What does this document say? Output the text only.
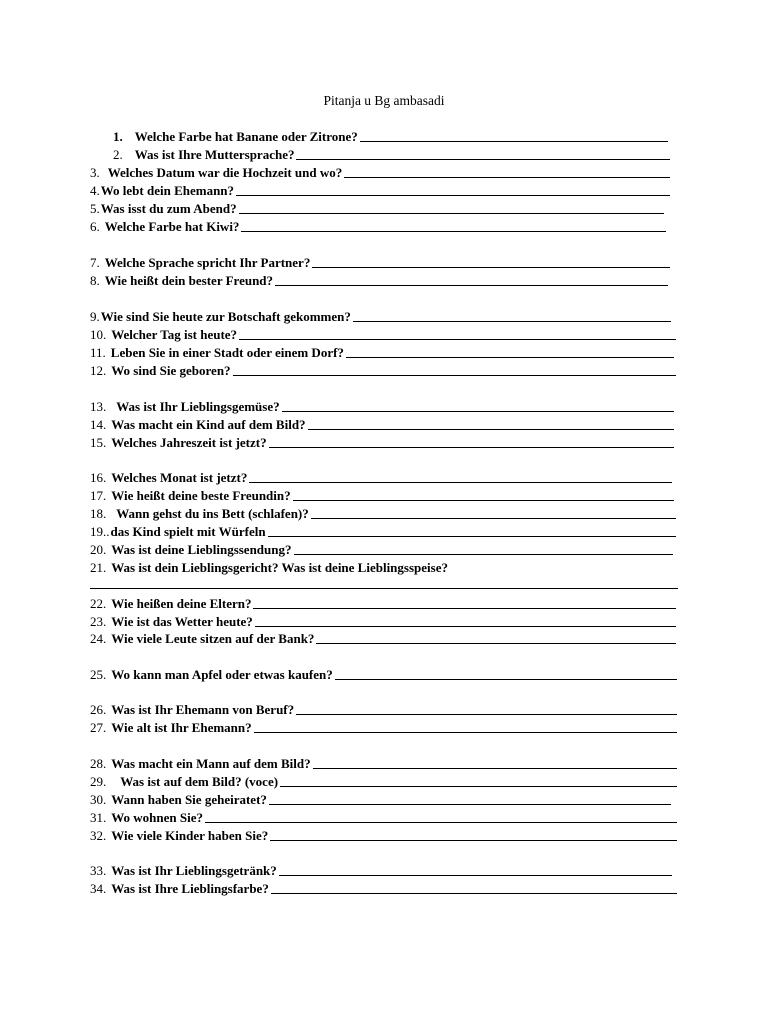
Pitanja u Bg ambasadi
1. Welche Farbe hat Banane oder Zitrone?
2. Was ist Ihre Muttersprache?
3. Welches Datum war die Hochzeit und wo?
4. Wo lebt dein Ehemann?
5. Was isst du zum Abend?
6. Welche Farbe hat Kiwi?
7. Welche Sprache spricht Ihr Partner?
8. Wie heißt dein bester Freund?
9. Wie sind Sie heute zur Botschaft gekommen?
10. Welcher Tag ist heute?
11. Leben Sie in einer Stadt oder einem Dorf?
12. Wo sind Sie geboren?
13. Was ist Ihr Lieblingsgemüse?
14. Was macht ein Kind auf dem Bild?
15. Welches Jahreszeit ist jetzt?
16. Welches Monat ist jetzt?
17. Wie heißt deine beste Freundin?
18. Wann gehst du ins Bett (schlafen)?
19.. das Kind spielt mit Würfeln
20. Was ist deine Lieblingssendung?
21. Was ist dein Lieblingsgericht? Was ist deine Lieblingsspeise?
22. Wie heißen deine Eltern?
23. Wie ist das Wetter heute?
24. Wie viele Leute sitzen auf der Bank?
25. Wo kann man Apfel oder etwas kaufen?
26. Was ist Ihr Ehemann von Beruf?
27. Wie alt ist Ihr Ehemann?
28. Was macht ein Mann auf dem Bild?
29. Was ist auf dem Bild? (voce)
30. Wann haben Sie geheiratet?
31. Wo wohnen Sie?
32. Wie viele Kinder haben Sie?
33. Was ist Ihr Lieblingsgetränk?
34. Was ist Ihre Lieblingsfarbe?
